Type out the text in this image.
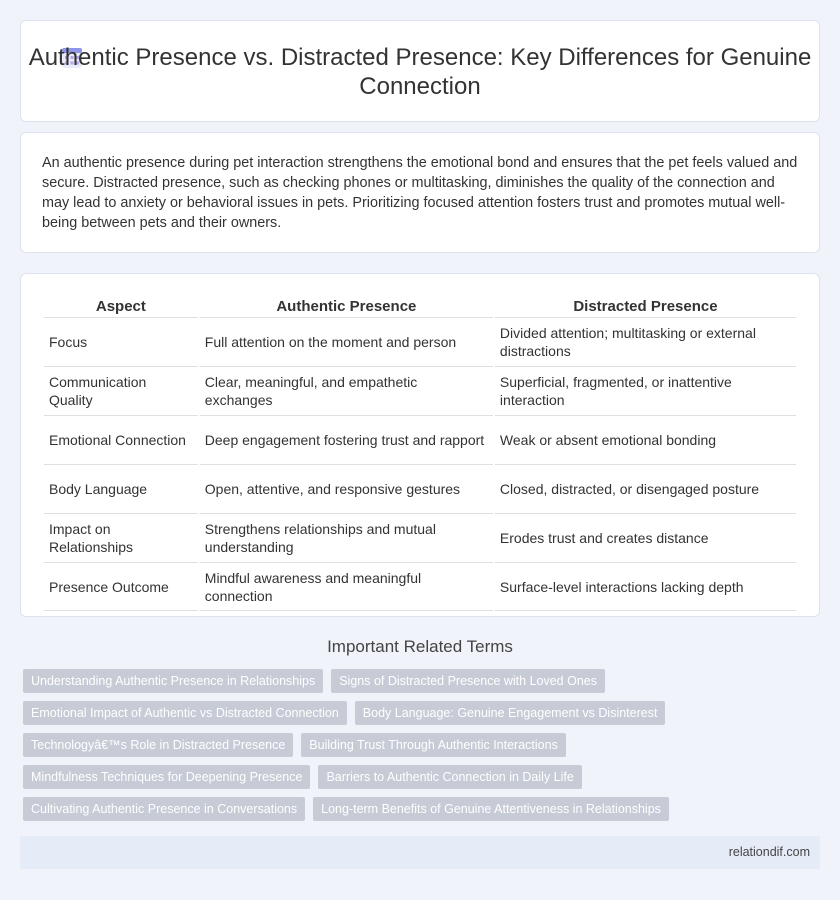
Authentic Presence vs. Distracted Presence: Key Differences for Genuine Connection

An authentic presence during pet interaction strengthens the emotional bond and ensures that the pet feels valued and secure. Distracted presence, such as checking phones or multitasking, diminishes the quality of the connection and may lead to anxiety or behavioral issues in pets. Prioritizing focused attention fosters trust and promotes mutual well-being between pets and their owners.

Aspect	Authentic Presence	Distracted Presence
Focus	Full attention on the moment and person	Divided attention; multitasking or external distractions
Communication Quality	Clear, meaningful, and empathetic exchanges	Superficial, fragmented, or inattentive interaction
Emotional Connection	Deep engagement fostering trust and rapport	Weak or absent emotional bonding
Body Language	Open, attentive, and responsive gestures	Closed, distracted, or disengaged posture
Impact on Relationships	Strengthens relationships and mutual understanding	Erodes trust and creates distance
Presence Outcome	Mindful awareness and meaningful connection	Surface-level interactions lacking depth
Important Related Terms
Understanding Authentic Presence in Relationships	Signs of Distracted Presence with Loved Ones
Emotional Impact of Authentic vs Distracted Connection	Body Language: Genuine Engagement vs Disinterest
Technologyâ€™s Role in Distracted Presence	Building Trust Through Authentic Interactions
Mindfulness Techniques for Deepening Presence	Barriers to Authentic Connection in Daily Life
Cultivating Authentic Presence in Conversations	Long-term Benefits of Genuine Attentiveness in Relationships
relationdif.com
